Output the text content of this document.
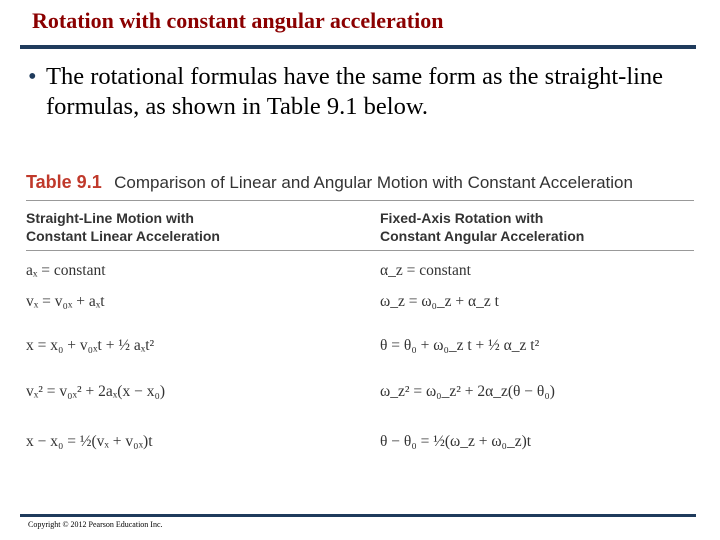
Rotation with constant angular acceleration
• The rotational formulas have the same form as the straight-line formulas, as shown in Table 9.1 below.
Table 9.1 Comparison of Linear and Angular Motion with Constant Acceleration
Straight-Line Motion with
Constant Linear Acceleration
Fixed-Axis Rotation with
Constant Angular Acceleration
aₓ = constant	α_z = constant
vₓ = v₀ₓ + aₓt	ω_z = ω₀_z + α_z t
x = x₀ + v₀ₓt + ½ aₓt²	θ = θ₀ + ω₀_z t + ½ α_z t²
vₓ² = v₀ₓ² + 2aₓ(x − x₀)	ω_z² = ω₀_z² + 2α_z(θ − θ₀)
x − x₀ = ½(vₓ + v₀ₓ)t	θ − θ₀ = ½(ω_z + ω₀_z)t
Copyright © 2012 Pearson Education Inc.
